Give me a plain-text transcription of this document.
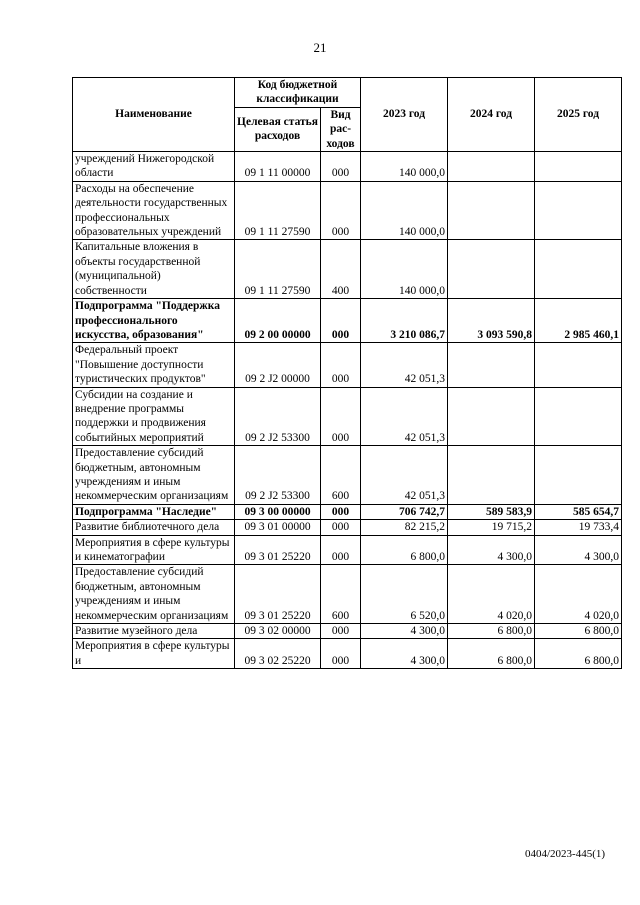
21
Наименование	Код бюджетной классификации		2023 год	2024 год	2025 год
	Целевая статья расходов	Вид рас- ходов			
учреждений Нижегородской области	09 1 11 00000	000	140 000,0		
Расходы на обеспечение деятельности государственных профессиональных образовательных учреждений	09 1 11 27590	000	140 000,0		
Капитальные вложения в объекты государственной (муниципальной) собственности	09 1 11 27590	400	140 000,0		
Подпрограмма "Поддержка профессионального искусства, образования"	09 2 00 00000	000	3 210 086,7	3 093 590,8	2 985 460,1
Федеральный проект "Повышение доступности туристических продуктов"	09 2 J2 00000	000	42 051,3		
Субсидии на создание и внедрение программы поддержки и продвижения событийных мероприятий	09 2 J2 53300	000	42 051,3		
Предоставление субсидий бюджетным, автономным учреждениям и иным некоммерческим организациям	09 2 J2 53300	600	42 051,3		
Подпрограмма "Наследие"	09 3 00 00000	000	706 742,7	589 583,9	585 654,7
Развитие библиотечного дела	09 3 01 00000	000	82 215,2	19 715,2	19 733,4
Мероприятия в сфере культуры и кинематографии	09 3 01 25220	000	6 800,0	4 300,0	4 300,0
Предоставление субсидий бюджетным, автономным учреждениям и иным некоммерческим организациям	09 3 01 25220	600	6 520,0	4 020,0	4 020,0
Развитие музейного дела	09 3 02 00000	000	4 300,0	6 800,0	6 800,0
Мероприятия в сфере культуры и	09 3 02 25220	000	4 300,0	6 800,0	6 800,0
0404/2023-445(1)
